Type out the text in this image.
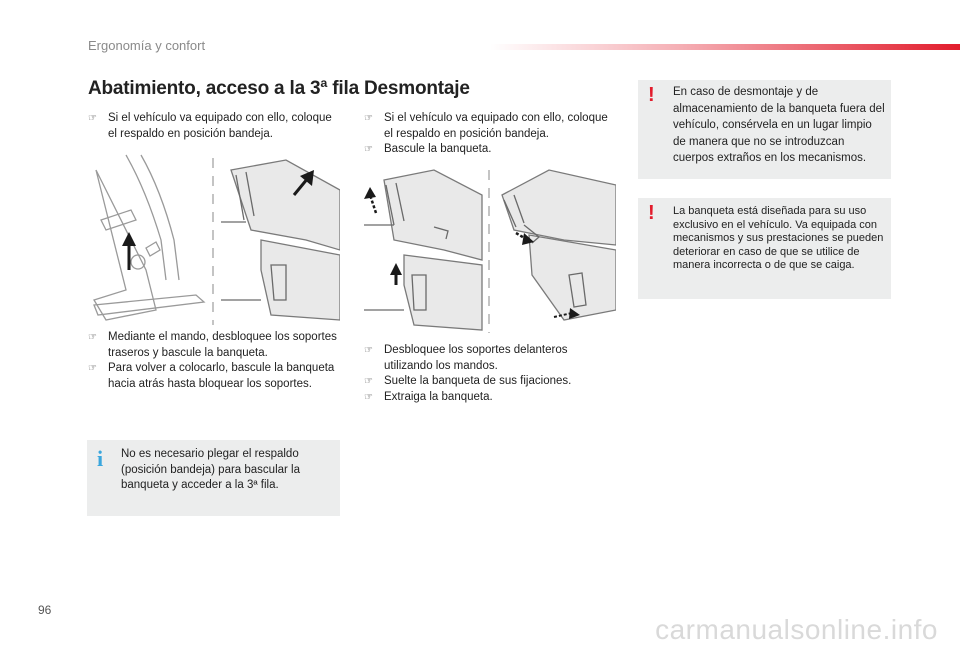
Ergonomía y confort
Abatimiento, acceso a la 3ª fila
☞ Si el vehículo va equipado con ello, coloque el respaldo en posición bandeja.
☞ Mediante el mando, desbloquee los soportes traseros y bascule la banqueta.
☞ Para volver a colocarlo, bascule la banqueta hacia atrás hasta bloquear los soportes.
i No es necesario plegar el respaldo (posición bandeja) para bascular la banqueta y acceder a la 3ª fila.
Desmontaje
☞ Si el vehículo va equipado con ello, coloque el respaldo en posición bandeja.
☞ Bascule la banqueta.
☞ Desbloquee los soportes delanteros utilizando los mandos.
☞ Suelte la banqueta de sus fijaciones.
☞ Extraiga la banqueta.
! En caso de desmontaje y de almacenamiento de la banqueta fuera del vehículo, consérvela en un lugar limpio de manera que no se introduzcan cuerpos extraños en los mecanismos.
! La banqueta está diseñada para su uso exclusivo en el vehículo. Va equipada con mecanismos y sus prestaciones se pueden deteriorar en caso de que se utilice de manera incorrecta o de que se caiga.
96
carmanualsonline.info
